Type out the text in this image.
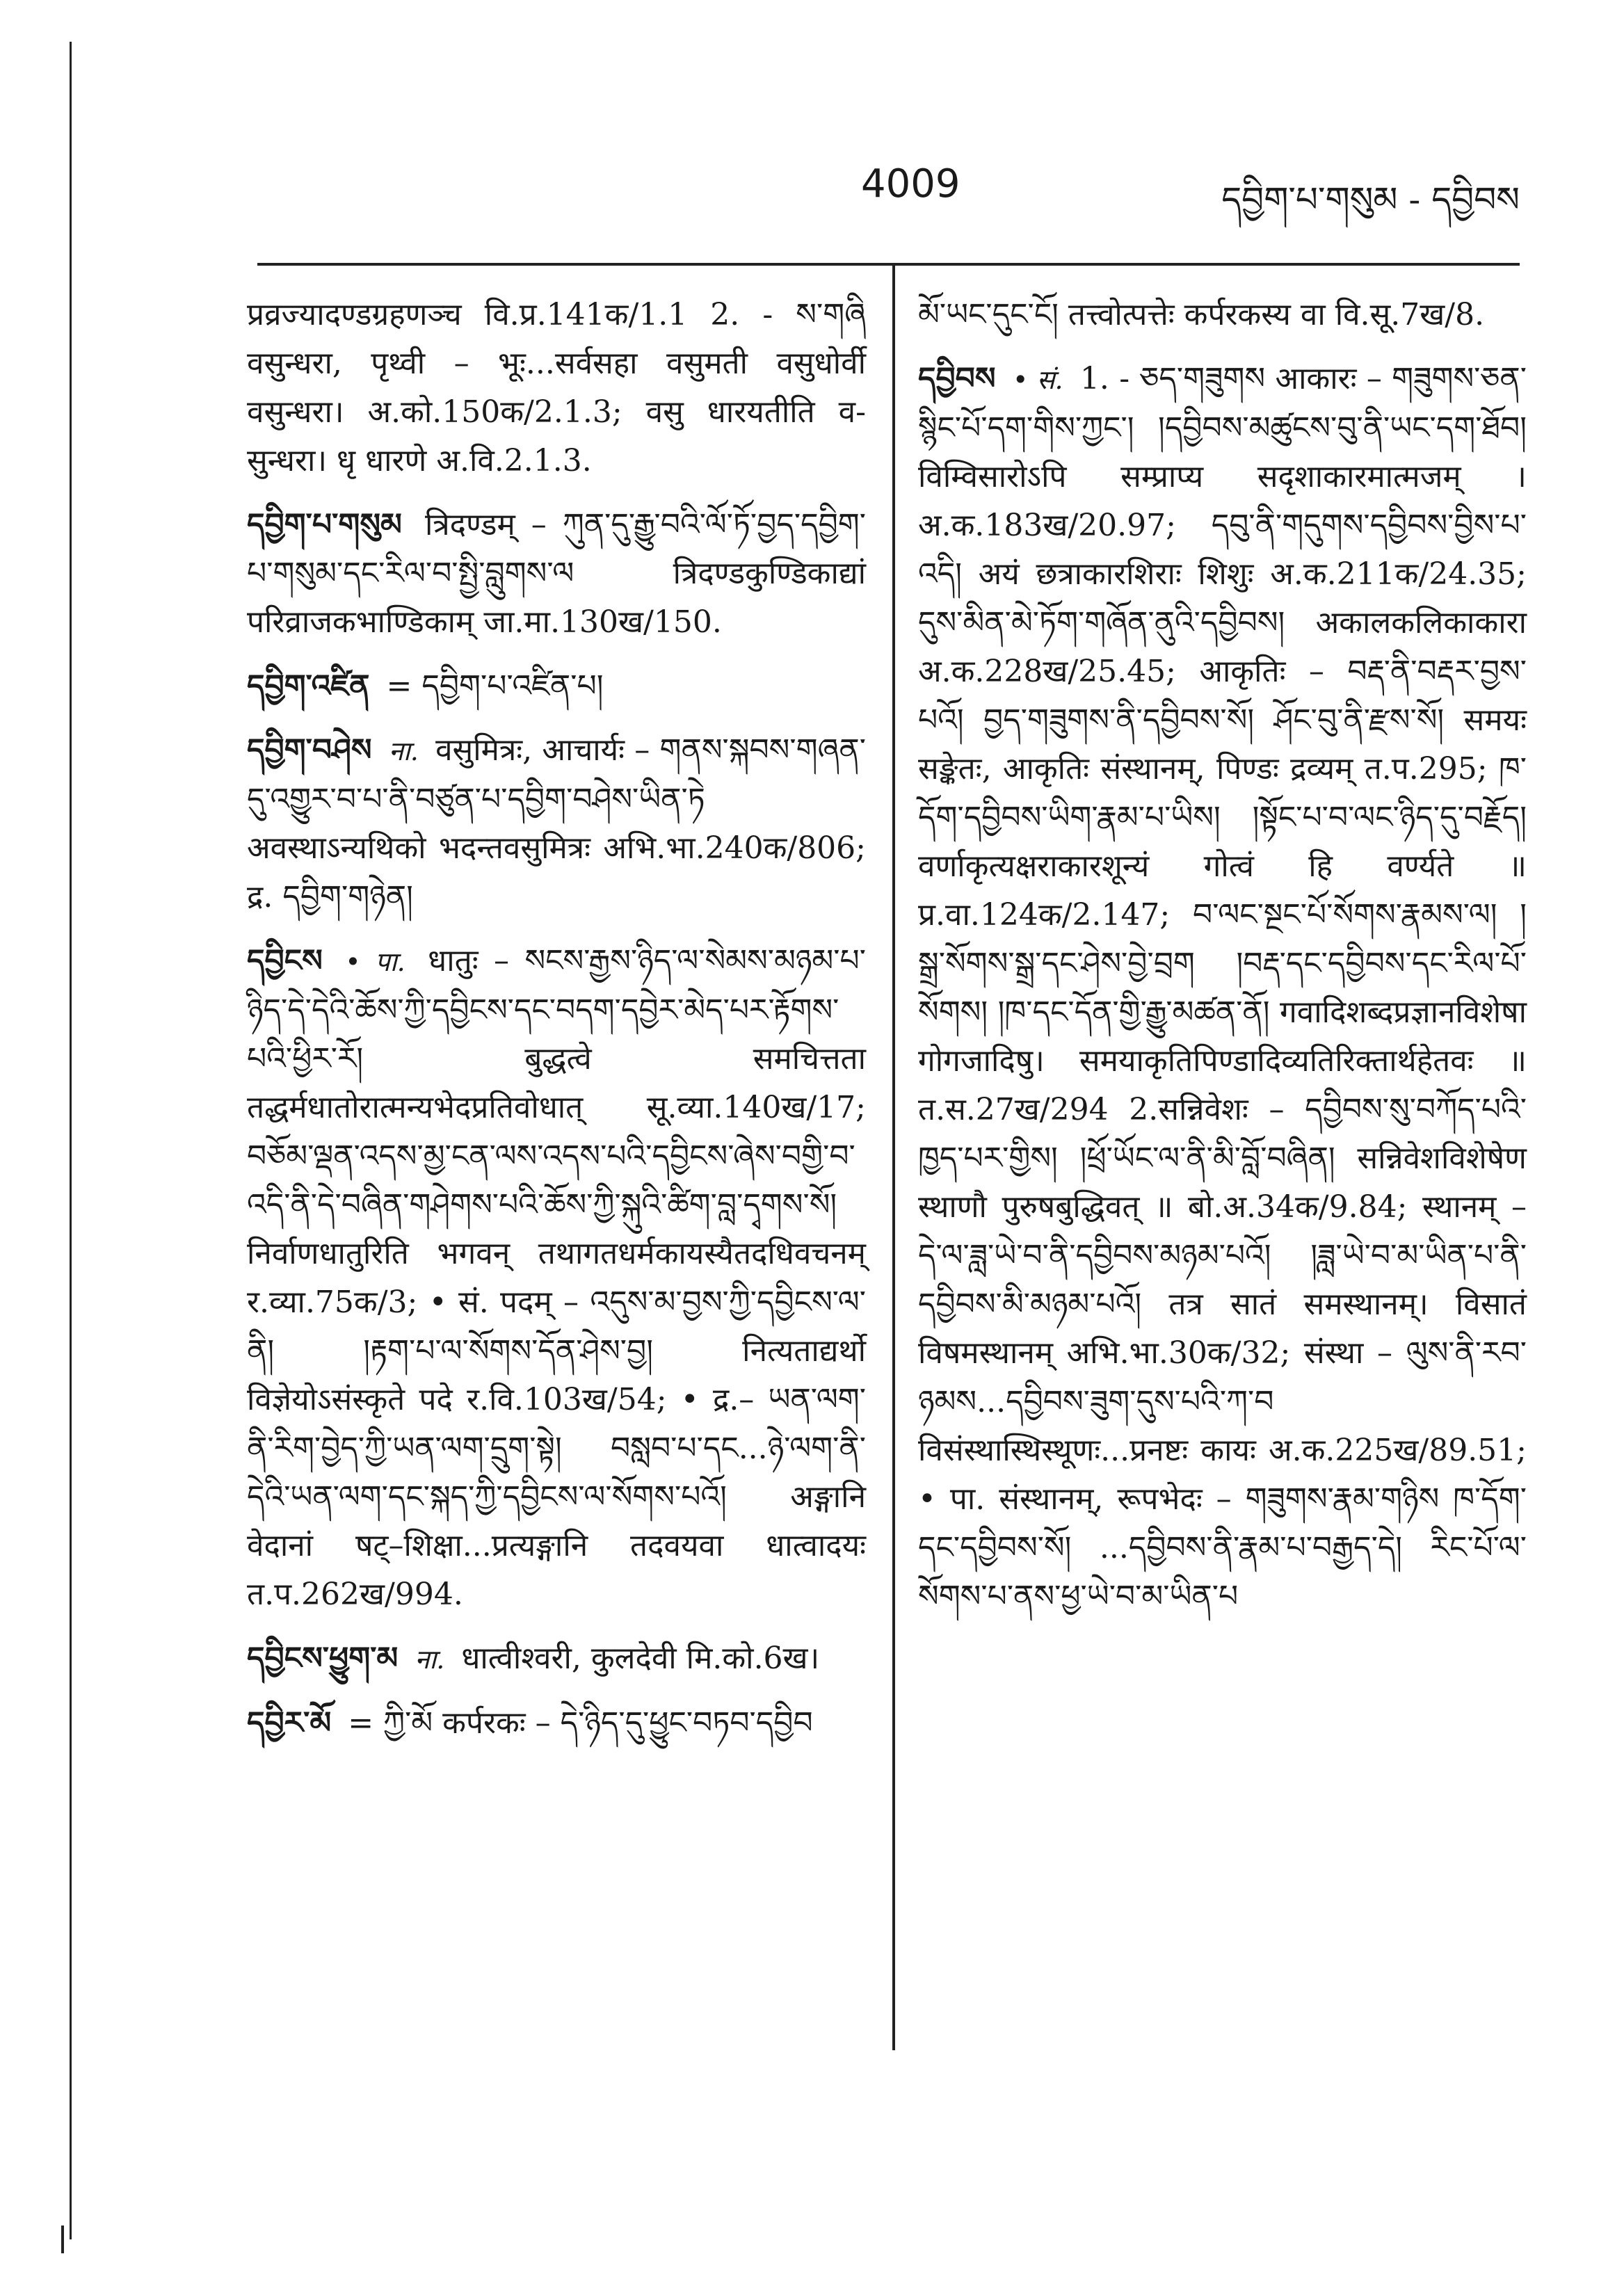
4009	དབྱིག་པ་གསུམ - དབྱིབས

प्रव्रज्यादण्डग्रहणञ्च वि.प्र.141क/1.1 2. - ས་གཞི वसुन्धरा, पृथ्वी – भूः...सर्वसहा वसुमती वसुधोर्वी वसुन्धरा। अ.को.150क/2.1.3; वसु धारयतीति व-सुन्धरा। धृ धारणे अ.वि.2.1.3.

དབྱིག་པ་གསུམ त्रिदण्डम् – ཀུན་དུ་རྒྱུ་བའི་ལོ་ཏོ་བྱད་དབྱིག་པ་གསུམ་དང་རིལ་བ་སྤྱི་བླུགས་ལ त्रिदण्डकुण्डिकाद्यां परिव्राजकभाण्डिकाम् जा.मा.130ख/150.

དབྱིག་འཛིན = དབྱིག་པ་འཛིན་པ།

དབྱིག་བཤེས ना. वसुमित्रः, आचार्यः – གནས་སྐབས་གཞན་དུ་འགྱུར་བ་པ་ནི་བཙུན་པ་དབྱིག་བཤེས་ཡིན་ཏེ अवस्थाऽन्यथिको भदन्तवसुमित्रः अभि.भा.240क/806; द्र. དབྱིག་གཉེན།

དབྱིངས • पा. धातुः – སངས་རྒྱས་ཉིད་ལ་སེམས་མཉམ་པ་ཉིད་དེ་དེའི་ཆོས་ཀྱི་དབྱིངས་དང་བདག་དབྱེར་མེད་པར་རྟོགས་པའི་ཕྱིར་རོ། बुद्धत्वे समचित्तता तद्धर्मधातोरात्मन्यभेदप्रतिवोधात् सू.व्या.140ख/17; བཅོམ་ལྡན་འདས་མྱ་ངན་ལས་འདས་པའི་དབྱིངས་ཞེས་བགྱི་བ་འདི་ནི་དེ་བཞིན་གཤེགས་པའི་ཆོས་ཀྱི་སྐུའི་ཚིག་བླ་དྭགས་སོ། निर्वाणधातुरिति भगवन् तथागतधर्मकायस्यैतदधिवचनम् र.व्या.75क/3; • सं. पदम् – འདུས་མ་བྱས་ཀྱི་དབྱིངས་ལ་ནི། །རྟག་པ་ལ་སོགས་དོན་ཤེས་བྱ། नित्यताद्यर्थो विज्ञेयोऽसंस्कृते पदे र.वि.103ख/54; • द्र.– ཡན་ལག་ནི་རིག་བྱེད་ཀྱི་ཡན་ལག་དྲུག་སྟེ། བསླབ་པ་དང...ཉེ་ལག་ནི་དེའི་ཡན་ལག་དང་སྐད་ཀྱི་དབྱིངས་ལ་སོགས་པའོ། अङ्गानि वेदानां षट्–शिक्षा...प्रत्यङ्गानि तदवयवा धात्वादयः त.प.262ख/994.

དབྱིངས་ཕྱུག་མ ना. धात्वीश्वरी, कुलदेवी मि.को.6ख।

དབྱིར་མོ = ཀྱི་མོ कर्परकः – དེ་ཉིད་དུ་ཕྱུང་བཏབ་དབྱིབ

མོ་ཡང་དུང་ངོ། तत्त्वोत्पत्तेः कर्परकस्य वा वि.सू.7ख/8.

དབྱིབས • सं. 1. - ཅད་གཟུགས आकारः – གཟུགས་ཅན་སྙིང་པོ་དག་གིས་ཀྱང་། །དབྱིབས་མཚུངས་བུ་ནི་ཡང་དག་ཐོབ། विम्विसारोऽपि सम्प्राप्य सदृशाकारमात्मजम् । अ.क.183ख/20.97; དབུ་ནི་གདུགས་དབྱིབས་བྱིས་པ་འདི། अयं छत्राकारशिराः शिशुः अ.क.211क/24.35; དུས་མིན་མེ་ཏོག་གཞོན་ནུའི་དབྱིབས། अकालकलिकाकारा अ.क.228ख/25.45; आकृतिः – བརྡ་ནི་བརྡར་བྱས་པའོ། བྱད་གཟུགས་ནི་དབྱིབས་སོ། ཤོང་བུ་ནི་རྫས་སོ། समयः सङ्केतः, आकृतिः संस्थानम्, पिण्डः द्रव्यम् त.प.295; ཁ་དོག་དབྱིབས་ཡིག་རྣམ་པ་ཡིས། །སྟོང་པ་བ་ལང་ཉིད་དུ་བརྗོད། वर्णाकृत्यक्षराकारशून्यं गोत्वं हि वर्ण्यते ॥ प्र.वा.124क/2.147; བ་ལང་སྔང་པོ་སོགས་རྣམས་ལ། །སྒྲ་སོགས་སྒྲ་དང་ཤེས་བྱེ་བྲག །བརྡ་དང་དབྱིབས་དང་རིལ་པོ་སོགས། །ཁ་དང་དོན་གྱི་རྒྱུ་མཚན་ནོ། गवादिशब्दप्रज्ञानविशेषा गोगजादिषु। समयाकृतिपिण्डादिव्यतिरिक्तार्थहेतवः ॥ त.स.27ख/294 2.सन्निवेशः – དབྱིབས་སུ་བཀོད་པའི་ཁྱད་པར་གྱིས། །ཕྲོ་ཡོང་ལ་ནི་མི་བློ་བཞིན། सन्निवेशविशेषेण स्थाणौ पुरुषबुद्धिवत् ॥ बो.अ.34क/9.84; स्थानम् – དེ་ལ་ཟླ་ཡེ་བ་ནི་དབྱིབས་མཉམ་པའོ། །ཟླ་ཡེ་བ་མ་ཡིན་པ་ནི་དབྱིབས་མི་མཉམ་པའོ། तत्र सातं समस्थानम्। विसातं विषमस्थानम् अभि.भा.30क/32; संस्था – ལུས་ནི་རབ་ཉམས...དབྱིབས་ཟུག་དུས་པའི་ཀ་བ विसंस्थास्थिस्थूणः...प्रनष्टः कायः अ.क.225ख/89.51; • पा. संस्थानम्, रूपभेदः – གཟུགས་རྣམ་གཉིས ཁ་དོག་དང་དབྱིབས་སོ། ...དབྱིབས་ནི་རྣམ་པ་བརྒྱད་དེ། རིང་པོ་ལ་སོགས་པ་ནས་ཕྱ་ཡེ་བ་མ་ཡིན་པ
